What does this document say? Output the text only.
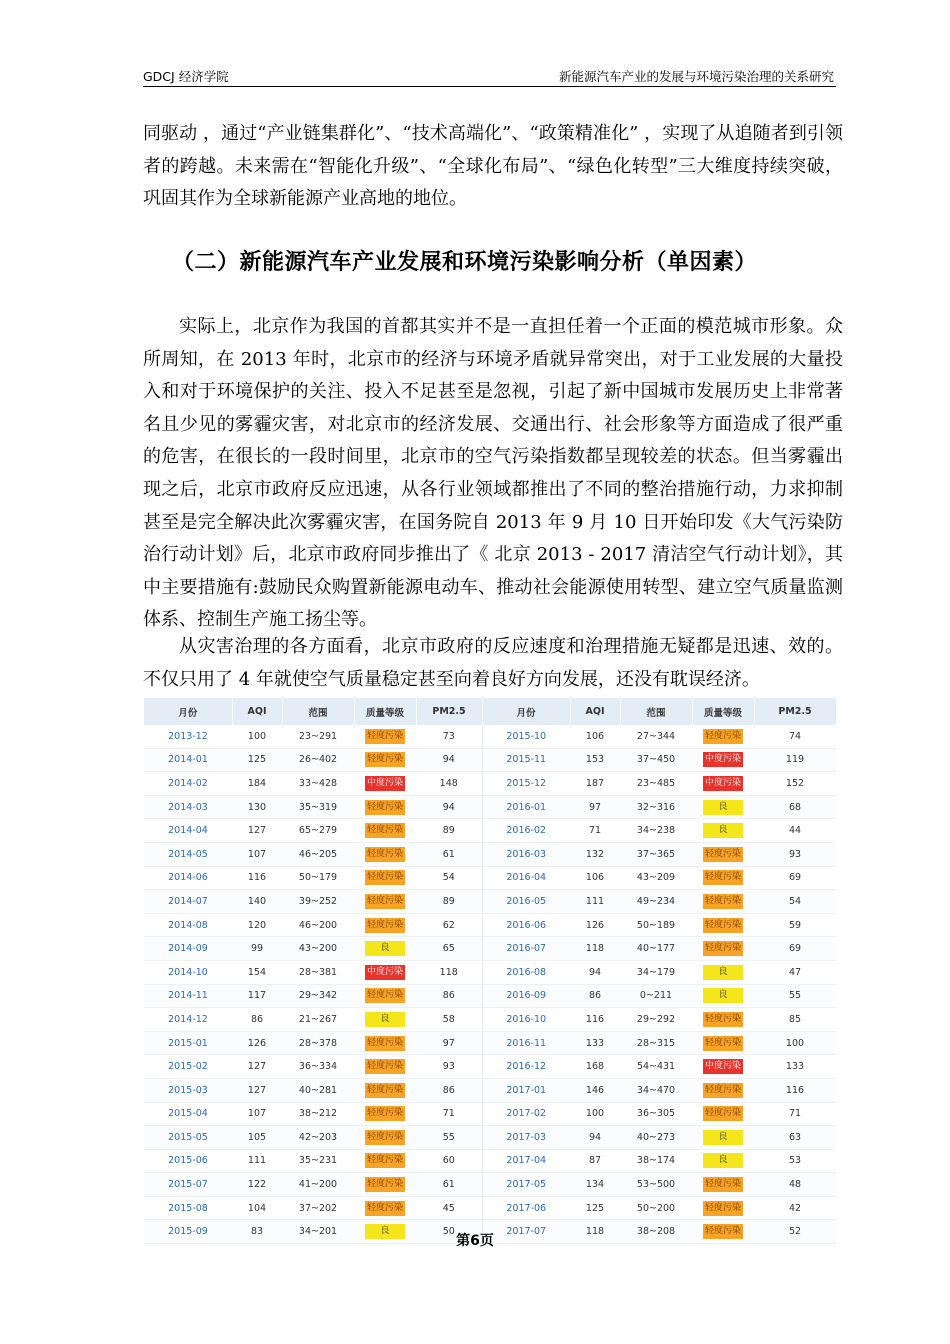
GDCJ 经济学院	新能源汽车产业的发展与环境污染治理的关系研究

同驱动 ，通过“产业链集群化”、“技术高端化”、“政策精准化” ，实现了从追随者到引领者的跨越。未来需在“智能化升级”、“全球化布局”、“绿色化转型”三大维度持续突破，巩固其作为全球新能源产业高地的地位。

（二）新能源汽车产业发展和环境污染影响分析（单因素）

实际上，北京作为我国的首都其实并不是一直担任着一个正面的模范城市形象。众所周知，在 2013 年时，北京市的经济与环境矛盾就异常突出，对于工业发展的大量投入和对于环境保护的关注、投入不足甚至是忽视，引起了新中国城市发展历史上非常著名且少见的雾霾灾害，对北京市的经济发展、交通出行、社会形象等方面造成了很严重的危害，在很长的一段时间里，北京市的空气污染指数都呈现较差的状态。但当雾霾出现之后，北京市政府反应迅速，从各行业领域都推出了不同的整治措施行动，力求抑制甚至是完全解决此次雾霾灾害，在国务院自 2013 年 9 月 10 日开始印发《大气污染防治行动计划》后，北京市政府同步推出了《 北京 2013 - 2017 清洁空气行动计划》，其中主要措施有:鼓励民众购置新能源电动车、推动社会能源使用转型、建立空气质量监测体系、控制生产施工扬尘等。

从灾害治理的各方面看，北京市政府的反应速度和治理措施无疑都是迅速、效的。不仅只用了 4 年就使空气质量稳定甚至向着良好方向发展，还没有耽误经济。

月份	AQI	范围	质量等级	PM2.5	月份	AQI	范围	质量等级	PM2.5
2013-12	100	23~291	轻度污染	73	2015-10	106	27~344	轻度污染	74
2014-01	125	26~402	轻度污染	94	2015-11	153	37~450	中度污染	119
2014-02	184	33~428	中度污染	148	2015-12	187	23~485	中度污染	152
2014-03	130	35~319	轻度污染	94	2016-01	97	32~316	良	68
2014-04	127	65~279	轻度污染	89	2016-02	71	34~238	良	44
2014-05	107	46~205	轻度污染	61	2016-03	132	37~365	轻度污染	93
2014-06	116	50~179	轻度污染	54	2016-04	106	43~209	轻度污染	69
2014-07	140	39~252	轻度污染	89	2016-05	111	49~234	轻度污染	54
2014-08	120	46~200	轻度污染	62	2016-06	126	50~189	轻度污染	59
2014-09	99	43~200	良	65	2016-07	118	40~177	轻度污染	69
2014-10	154	28~381	中度污染	118	2016-08	94	34~179	良	47
2014-11	117	29~342	轻度污染	86	2016-09	86	0~211	良	55
2014-12	86	21~267	良	58	2016-10	116	29~292	轻度污染	85
2015-01	126	28~378	轻度污染	97	2016-11	133	28~315	轻度污染	100
2015-02	127	36~334	轻度污染	93	2016-12	168	54~431	中度污染	133
2015-03	127	40~281	轻度污染	86	2017-01	146	34~470	轻度污染	116
2015-04	107	38~212	轻度污染	71	2017-02	100	36~305	轻度污染	71
2015-05	105	42~203	轻度污染	55	2017-03	94	40~273	良	63
2015-06	111	35~231	轻度污染	60	2017-04	87	38~174	良	53
2015-07	122	41~200	轻度污染	61	2017-05	134	53~500	轻度污染	48
2015-08	104	37~202	轻度污染	45	2017-06	125	50~200	轻度污染	42
2015-09	83	34~201	良	50	2017-07	118	38~208	轻度污染	52
第6页
